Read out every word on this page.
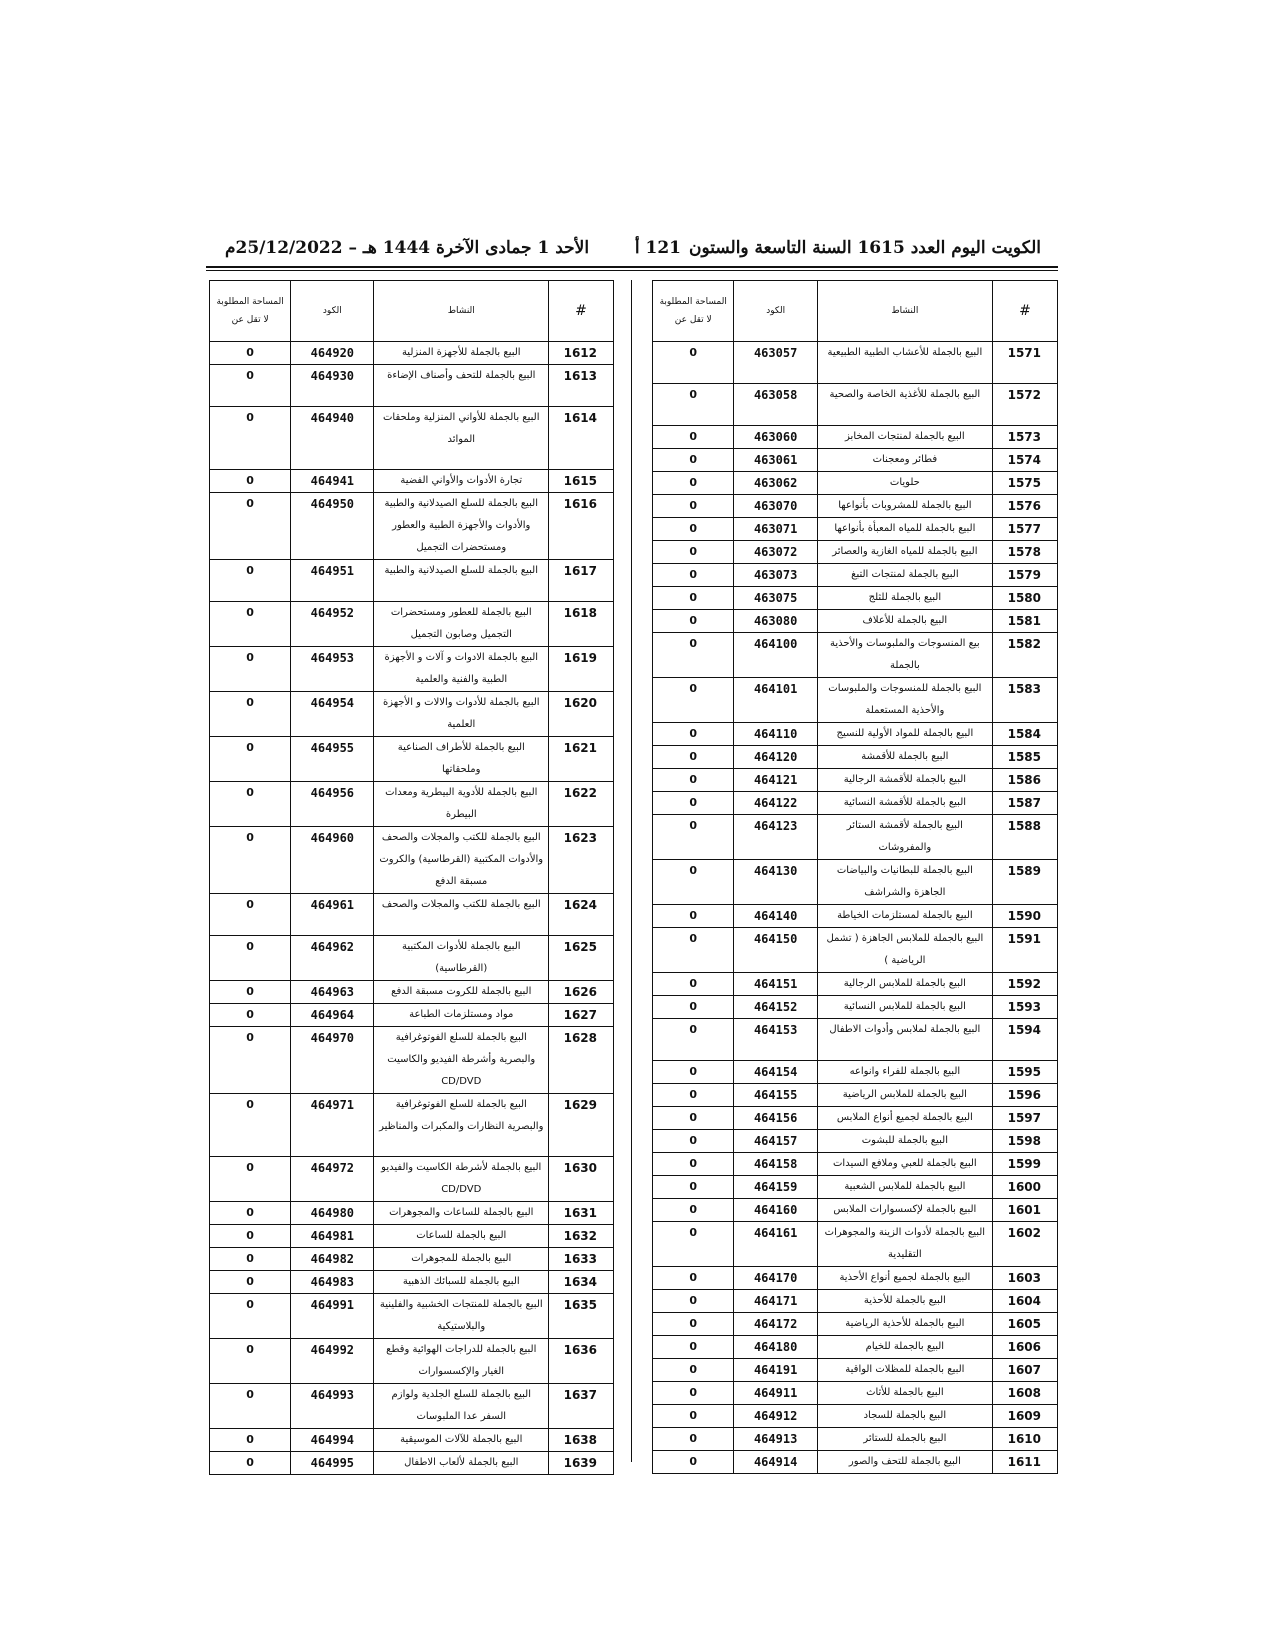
الكويت اليوم العدد 1615 السنة التاسعة والستون
121 أ
الأحد 1 جمادى الآخرة 1444 هـ – 25/12/2022م
#	النشاط	الكود	المساحة المطلوبة لا تقل عن
1571	البيع بالجملة للأعشاب الطبية الطبيعية	463057	0
1572	البيع بالجملة للأغذية الخاصة والصحية	463058	0
1573	البيع بالجملة لمنتجات المخابز	463060	0
1574	فطائر ومعجنات	463061	0
1575	حلويات	463062	0
1576	البيع بالجملة للمشروبات بأنواعها	463070	0
1577	البيع بالجملة للمياه المعبأة بأنواعها	463071	0
1578	البيع بالجملة للمياه الغازية والعصائر	463072	0
1579	البيع بالجملة لمنتجات التبغ	463073	0
1580	البيع بالجملة للثلج	463075	0
1581	البيع بالجملة للأعلاف	463080	0
1582	بيع المنسوجات والملبوسات والأحذية بالجملة	464100	0
1583	البيع بالجملة للمنسوجات والملبوسات والأحذية المستعملة	464101	0
1584	البيع بالجملة للمواد الأولية للنسيج	464110	0
1585	البيع بالجملة للأقمشة	464120	0
1586	البيع بالجملة للأقمشة الرجالية	464121	0
1587	البيع بالجملة للأقمشة النسائية	464122	0
1588	البيع بالجملة لأقمشة الستائر والمفروشات	464123	0
1589	البيع بالجملة للبطانيات والبياضات الجاهزة والشراشف	464130	0
1590	البيع بالجملة لمستلزمات الخياطة	464140	0
1591	البيع بالجملة للملابس الجاهزة ( تشمل الرياضية )	464150	0
1592	البيع بالجملة للملابس الرجالية	464151	0
1593	البيع بالجملة للملابس النسائية	464152	0
1594	البيع بالجملة لملابس وأدوات الاطفال	464153	0
1595	البيع بالجملة للفراء وانواعه	464154	0
1596	البيع بالجملة للملابس الرياضية	464155	0
1597	البيع بالجملة لجميع أنواع الملابس	464156	0
1598	البيع بالجملة للبشوت	464157	0
1599	البيع بالجملة للعبي وملافع السيدات	464158	0
1600	البيع بالجملة للملابس الشعبية	464159	0
1601	البيع بالجملة لإكسسوارات الملابس	464160	0
1602	البيع بالجملة لأدوات الزينة والمجوهرات التقليدية	464161	0
1603	البيع بالجملة لجميع أنواع الأحذية	464170	0
1604	البيع بالجملة للأحذية	464171	0
1605	البيع بالجملة للأحذية الرياضية	464172	0
1606	البيع بالجملة للخيام	464180	0
1607	البيع بالجملة للمظلات الواقية	464191	0
1608	البيع بالجملة للأثاث	464911	0
1609	البيع بالجملة للسجاد	464912	0
1610	البيع بالجملة للستائر	464913	0
1611	البيع بالجملة للتحف والصور	464914	0
#	النشاط	الكود	المساحة المطلوبة لا تقل عن
1612	البيع بالجملة للأجهزة المنزلية	464920	0
1613	البيع بالجملة للتحف وأصناف الإضاءة	464930	0
1614	البيع بالجملة للأواني المنزلية وملحقات الموائد	464940	0
1615	تجارة الأدوات والأواني الفضية	464941	0
1616	البيع بالجملة للسلع الصيدلانية والطبية والأدوات والأجهزة الطبية والعطور ومستحضرات التجميل	464950	0
1617	البيع بالجملة للسلع الصيدلانية والطبية	464951	0
1618	البيع بالجملة للعطور ومستحضرات التجميل وصابون التجميل	464952	0
1619	البيع بالجملة الادوات و آلات و الأجهزة الطبية والفنية والعلمية	464953	0
1620	البيع بالجملة للأدوات والالات و الأجهزة العلمية	464954	0
1621	البيع بالجملة للأطراف الصناعية وملحقاتها	464955	0
1622	البيع بالجملة للأدوية البيطرية ومعدات البيطرة	464956	0
1623	البيع بالجملة للكتب والمجلات والصحف والأدوات المكتبية (القرطاسية) والكروت مسبقة الدفع	464960	0
1624	البيع بالجملة للكتب والمجلات والصحف	464961	0
1625	البيع بالجملة للأدوات المكتبية (القرطاسية)	464962	0
1626	البيع بالجملة للكروت مسبقة الدفع	464963	0
1627	مواد ومستلزمات الطباعة	464964	0
1628	البيع بالجملة للسلع الفوتوغرافية والبصرية وأشرطة الفيديو والكاسيت CD/DVD	464970	0
1629	البيع بالجملة للسلع الفوتوغرافية والبصرية النظارات والمكبرات والمناظير	464971	0
1630	البيع بالجملة لأشرطة الكاسيت والفيديو CD/DVD	464972	0
1631	البيع بالجملة للساعات والمجوهرات	464980	0
1632	البيع بالجملة للساعات	464981	0
1633	البيع بالجملة للمجوهرات	464982	0
1634	البيع بالجملة للسبائك الذهبية	464983	0
1635	البيع بالجملة للمنتجات الخشبية والفلينية والبلاستيكية	464991	0
1636	البيع بالجملة للدراجات الهوائية وقطع الغيار والإكسسوارات	464992	0
1637	البيع بالجملة للسلع الجلدية ولوازم السفر عدا الملبوسات	464993	0
1638	البيع بالجملة للآلات الموسيقية	464994	0
1639	البيع بالجملة لألعاب الاطفال	464995	0
